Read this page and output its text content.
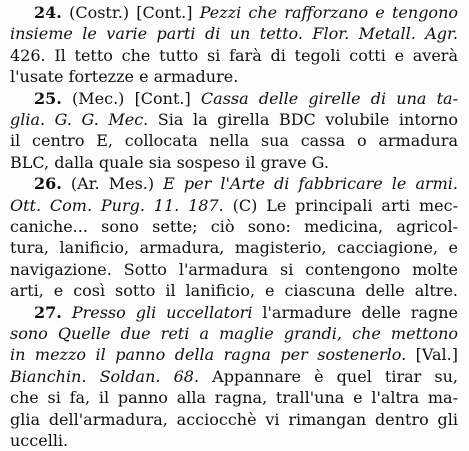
24. (Costr.) [Cont.] Pezzi che rafforzano e tengono
insieme le varie parti di un tetto. Flor. Metall. Agr.
426. Il tetto che tutto si farà di tegoli cotti e averà
l'usate fortezze e armadure.
25. (Mec.) [Cont.] Cassa delle girelle di una ta-
glia. G. G. Mec. Sia la girella BDC volubile intorno
il centro E, collocata nella sua cassa o armadura
BLC, dalla quale sia sospeso il grave G.
26. (Ar. Mes.) E per l'Arte di fabbricare le armi.
Ott. Com. Purg. 11. 187. (C) Le principali arti mec-
caniche... sono sette; ciò sono: medicina, agricol-
tura, lanificio, armadura, magisterio, cacciagione, e
navigazione. Sotto l'armadura si contengono molte
arti, e così sotto il lanificio, e ciascuna delle altre.
27. Presso gli uccellatori l'armadure delle ragne
sono Quelle due reti a maglie grandi, che mettono
in mezzo il panno della ragna per sostenerlo. [Val.]
Bianchin. Soldan. 68. Appannare è quel tirar su,
che si fa, il panno alla ragna, trall'una e l'altra ma-
glia dell'armadura, acciocchè vi rimangan dentro gli
uccelli.
